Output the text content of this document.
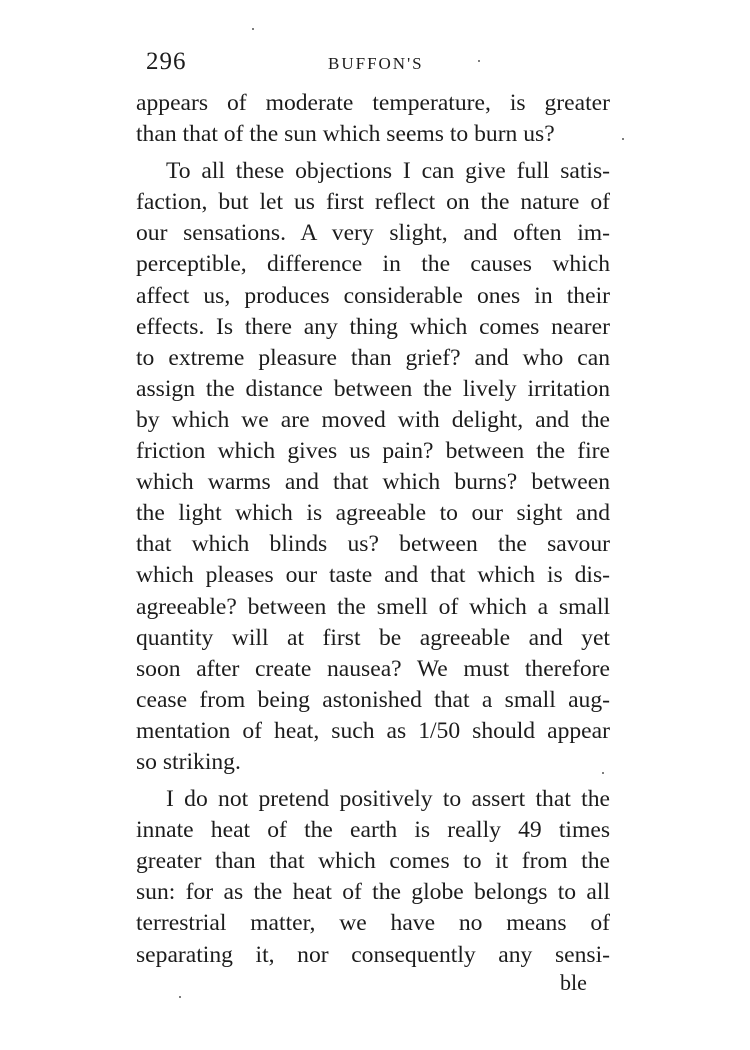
296	BUFFON'S
appears of moderate temperature, is greater
than that of the sun which seems to burn us?
To all these objections I can give full satis-
faction, but let us first reflect on the nature of
our sensations. A very slight, and often im-
perceptible, difference in the causes which
affect us, produces considerable ones in their
effects. Is there any thing which comes nearer
to extreme pleasure than grief? and who can
assign the distance between the lively irritation
by which we are moved with delight, and the
friction which gives us pain? between the fire
which warms and that which burns? between
the light which is agreeable to our sight and
that which blinds us? between the savour
which pleases our taste and that which is dis-
agreeable? between the smell of which a small
quantity will at first be agreeable and yet
soon after create nausea? We must therefore
cease from being astonished that a small aug-
mentation of heat, such as 1/50 should appear
so striking.
I do not pretend positively to assert that the
innate heat of the earth is really 49 times
greater than that which comes to it from the
sun: for as the heat of the globe belongs to all
terrestrial matter, we have no means of
separating it, nor consequently any sensi-
ble
